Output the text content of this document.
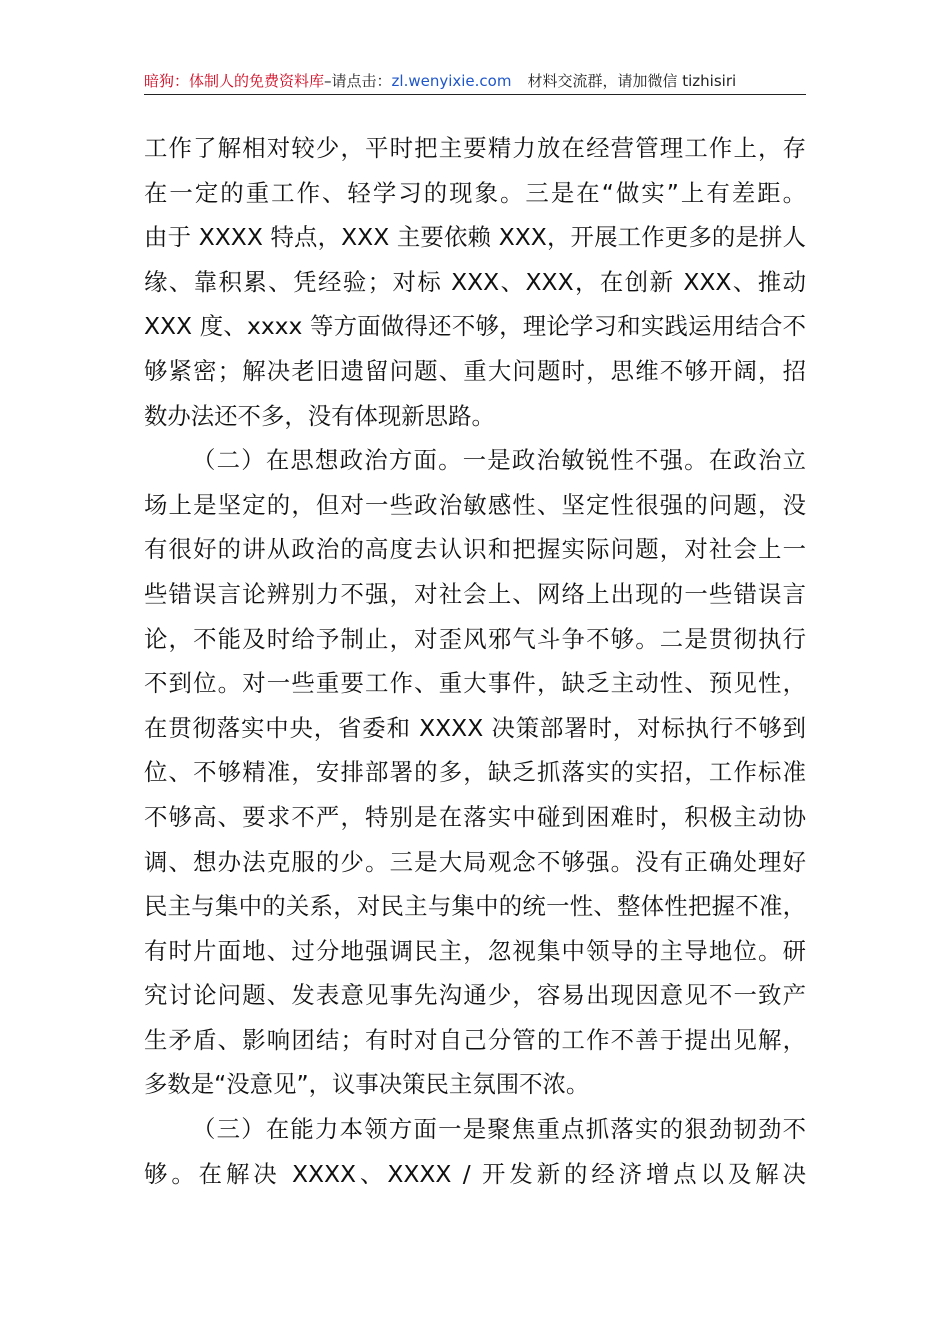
暗狗：体制人的免费资料库–请点击：zl.wenyixie.com 材料交流群，请加微信 tizhisiri
工作了解相对较少，平时把主要精力放在经营管理工作上，存
在一定的重工作、轻学习的现象。三是在“做实”上有差距。
由于 XXXX 特点，XXX 主要依赖 XXX，开展工作更多的是拼人
缘、靠积累、凭经验；对标 XXX、XXX，在创新 XXX、推动
XXX 度、xxxx 等方面做得还不够，理论学习和实践运用结合不
够紧密；解决老旧遗留问题、重大问题时，思维不够开阔，招
数办法还不多，没有体现新思路。
（二）在思想政治方面。一是政治敏锐性不强。在政治立
场上是坚定的，但对一些政治敏感性、坚定性很强的问题，没
有很好的讲从政治的高度去认识和把握实际问题，对社会上一
些错误言论辨别力不强，对社会上、网络上出现的一些错误言
论，不能及时给予制止，对歪风邪气斗争不够。二是贯彻执行
不到位。对一些重要工作、重大事件，缺乏主动性、预见性，
在贯彻落实中央，省委和 XXXX 决策部署时，对标执行不够到
位、不够精准，安排部署的多，缺乏抓落实的实招，工作标准
不够高、要求不严，特别是在落实中碰到困难时，积极主动协
调、想办法克服的少。三是大局观念不够强。没有正确处理好
民主与集中的关系，对民主与集中的统一性、整体性把握不准，
有时片面地、过分地强调民主，忽视集中领导的主导地位。研
究讨论问题、发表意见事先沟通少，容易出现因意见不一致产
生矛盾、影响团结；有时对自己分管的工作不善于提出见解，
多数是“没意见”，议事决策民主氛围不浓。
（三）在能力本领方面一是聚焦重点抓落实的狠劲韧劲不
够。在解决 XXXX、XXXX / 开发新的经济增点以及解决
